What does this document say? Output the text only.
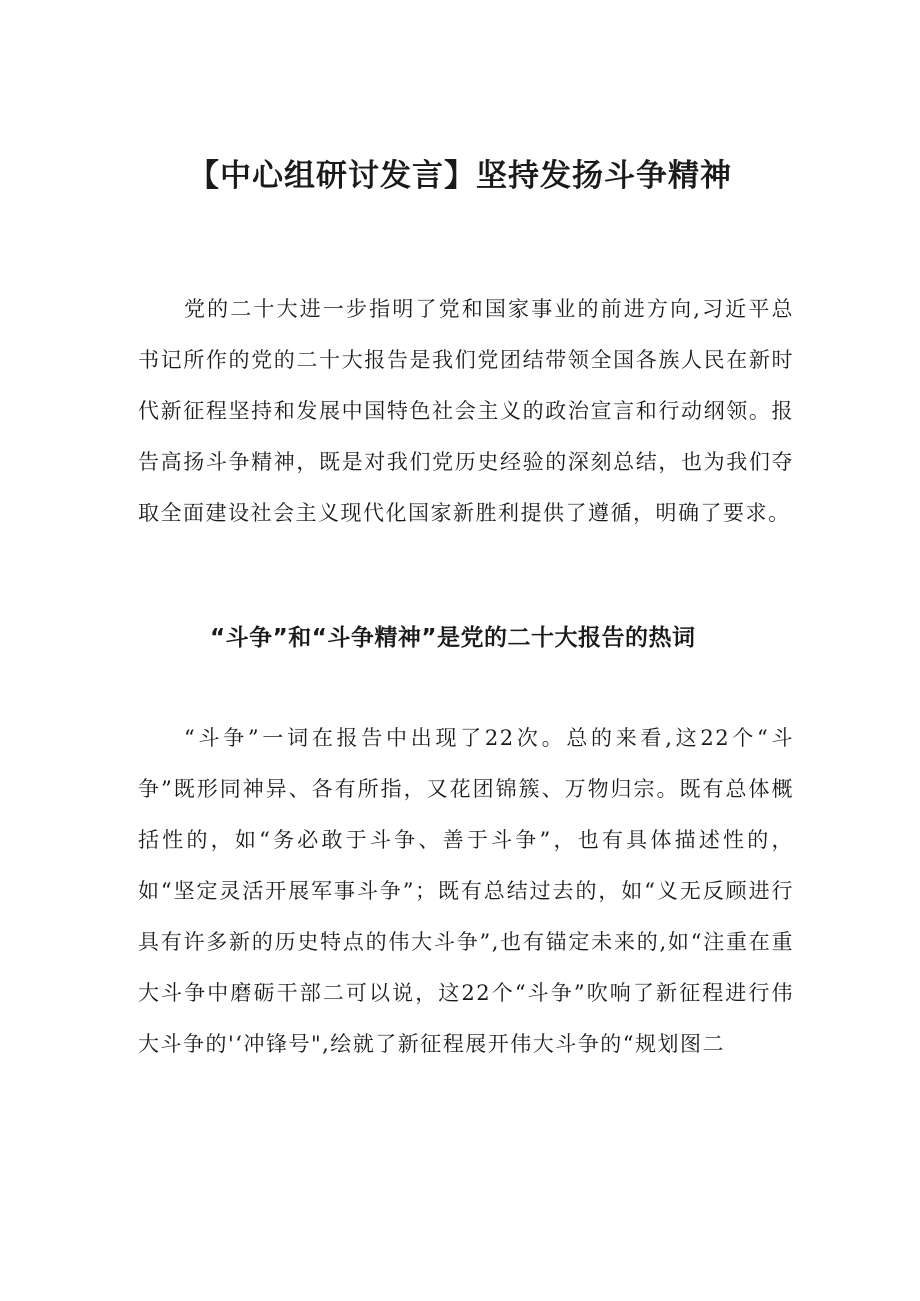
【中心组研讨发言】坚持发扬斗争精神

党的二十大进一步指明了党和国家事业的前进方向,习近平总书记所作的党的二十大报告是我们党团结带领全国各族人民在新时代新征程坚持和发展中国特色社会主义的政治宣言和行动纲领。报告高扬斗争精神，既是对我们党历史经验的深刻总结，也为我们夺取全面建设社会主义现代化国家新胜利提供了遵循，明确了要求。

“斗争”和“斗争精神”是党的二十大报告的热词

“斗争”一词在报告中出现了22次。总的来看,这22个“斗争”既形同神异、各有所指，又花团锦簇、万物归宗。既有总体概括性的，如“务必敢于斗争、善于斗争”，也有具体描述性的，如“坚定灵活开展军事斗争”；既有总结过去的，如“义无反顾进行具有许多新的历史特点的伟大斗争”,也有锚定未来的,如“注重在重大斗争中磨砺干部二可以说，这22个“斗争”吹响了新征程进行伟大斗争的'‘冲锋号",绘就了新征程展开伟大斗争的“规划图二
